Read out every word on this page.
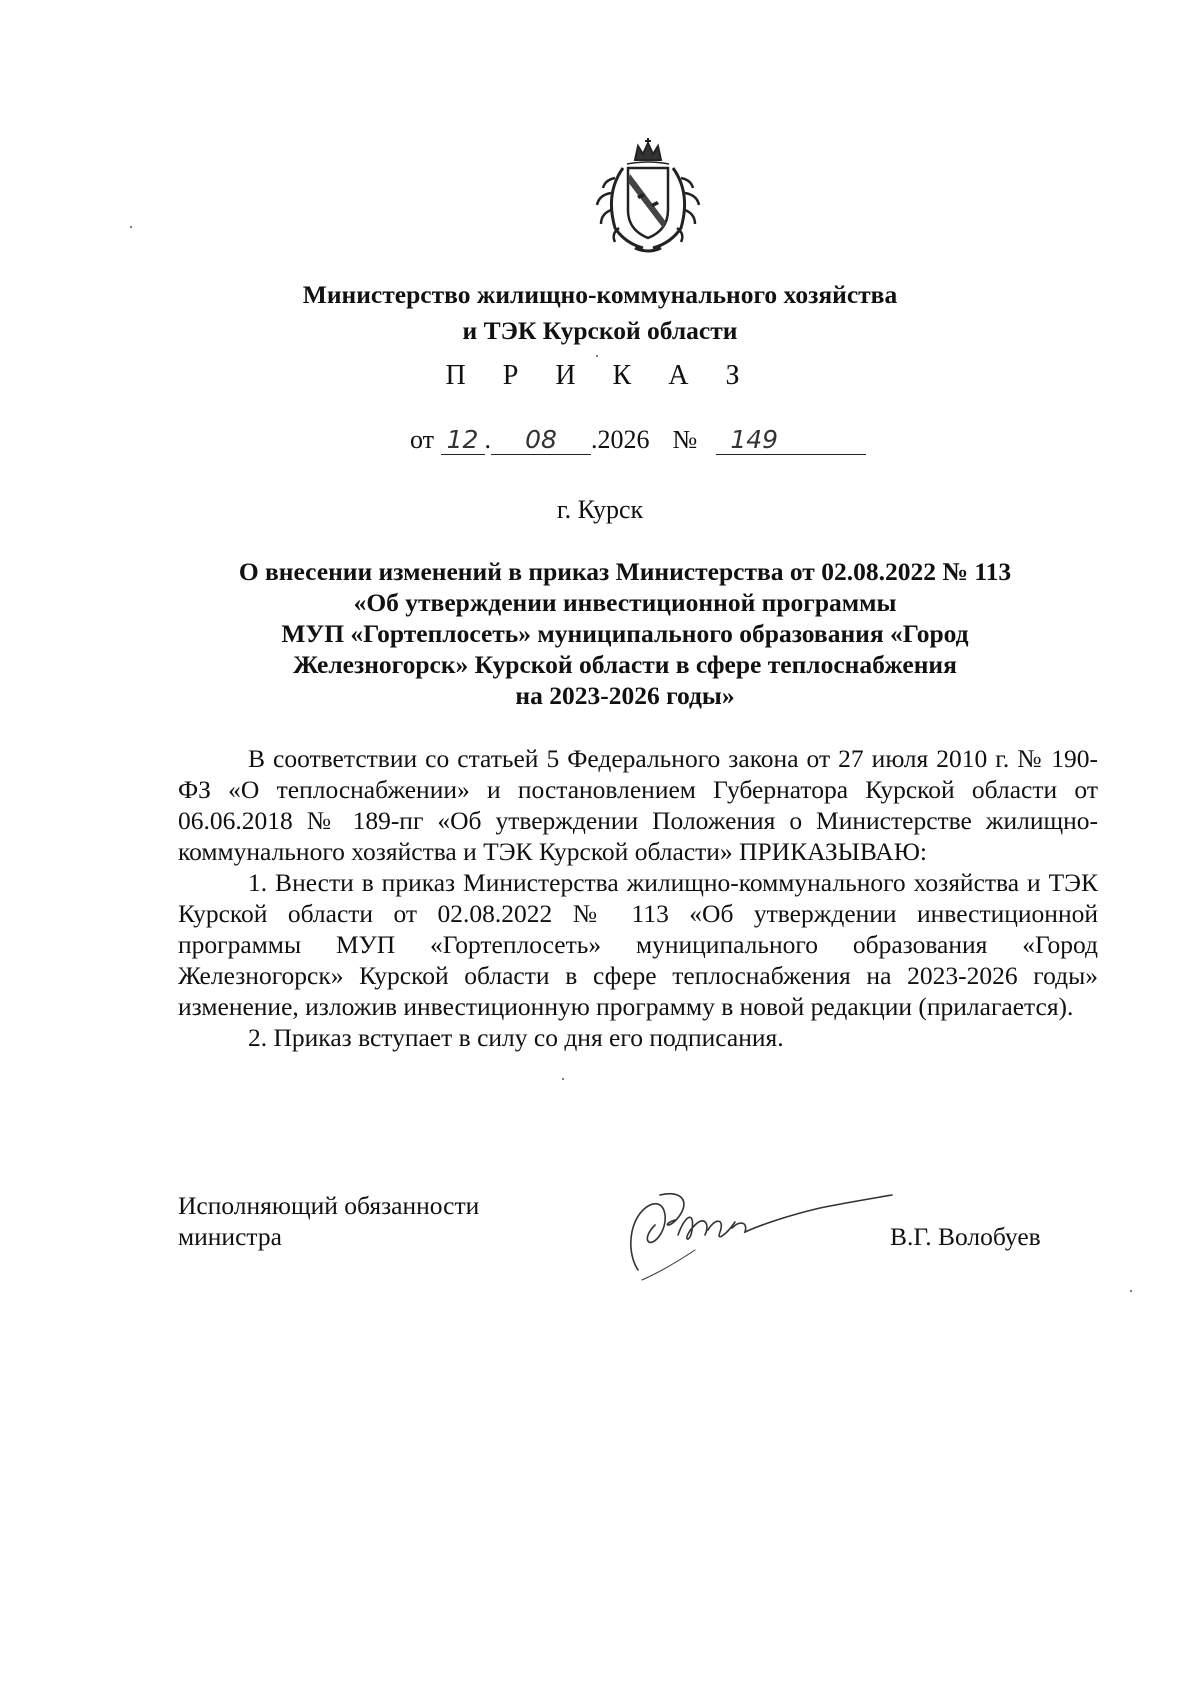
Министерство жилищно-коммунального хозяйства
и ТЭК Курской области
П Р И К А З
от 12 . 08 .2026 № 149
г. Курск
О внесении изменений в приказ Министерства от 02.08.2022 № 113
«Об утверждении инвестиционной программы
МУП «Гортеплосеть» муниципального образования «Город
Железногорск» Курской области в сфере теплоснабжения
на 2023-2026 годы»
В соответствии со статьей 5 Федерального закона от 27 июля 2010 г. № 190-ФЗ «О теплоснабжении» и постановлением Губернатора Курской области от 06.06.2018 № 189-пг «Об утверждении Положения о Министерстве жилищно-коммунального хозяйства и ТЭК Курской области» ПРИКАЗЫВАЮ:
1. Внести в приказ Министерства жилищно-коммунального хозяйства и ТЭК Курской области от 02.08.2022 № 113 «Об утверждении инвестиционной программы МУП «Гортеплосеть» муниципального образования «Город Железногорск» Курской области в сфере теплоснабжения на 2023-2026 годы» изменение, изложив инвестиционную программу в новой редакции (прилагается).
2. Приказ вступает в силу со дня его подписания.
Исполняющий обязанности
министра	В.Г. Волобуев
